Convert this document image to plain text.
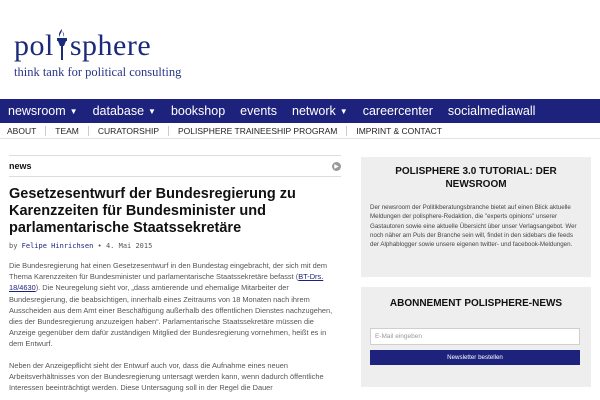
pol sphere
think tank for political consulting
newsroom ▼ database ▼ bookshop events network ▼ careercenter socialmediawall
ABOUT TEAM CURATORSHIP POLISPHERE TRAINEESHIP PROGRAM IMPRINT & CONTACT
news	▶
Gesetzesentwurf der Bundesregierung zu Karenzzeiten für Bundesminister und parlamentarische Staatssekretäre
by Felipe Hinrichsen • 4. Mai 2015

Die Bundesregierung hat einen Gesetzesentwurf in den Bundestag eingebracht, der sich mit dem Thema Karenzzeiten für Bundesminister und parlamentarische Staatssekretäre befasst (BT-Drs. 18/4630). Die Neuregelung sieht vor, „dass amtierende und ehemalige Mitarbeiter der Bundesregierung, die beabsichtigen, innerhalb eines Zeitraums von 18 Monaten nach ihrem Ausscheiden aus dem Amt einer Beschäftigung außerhalb des öffentlichen Dienstes nachzugehen, dies der Bundesregierung anzuzeigen haben“. Parlamentarische Staatssekretäre müssen die Anzeige gegenüber dem dafür zuständigen Mitglied der Bundesregierung vornehmen, heißt es in dem Entwurf.

Neben der Anzeigepflicht sieht der Entwurf auch vor, dass die Aufnahme eines neuen Arbeitsverhältnisses von der Bundesregierung untersagt werden kann, wenn dadurch öffentliche Interessen beeinträchtigt werden. Diese Untersagung soll in der Regel die Dauer

POLISPHERE 3.0 TUTORIAL: DER NEWSROOM

Der newsroom der Politikberatungsbranche bietet auf einen Blick aktuelle Meldungen der polisphere-Redaktion, die "experts opinions" unserer Gastautoren sowie eine aktuelle Übersicht über unser Verlagsangebot. Wer noch näher am Puls der Branche sein will, findet in den sidebars die feeds der Alphablogger sowie unsere eigenen twitter- und facebook-Meldungen.

ABONNEMENT POLISPHERE-NEWS
E-Mail eingeben
Newsletter bestellen
